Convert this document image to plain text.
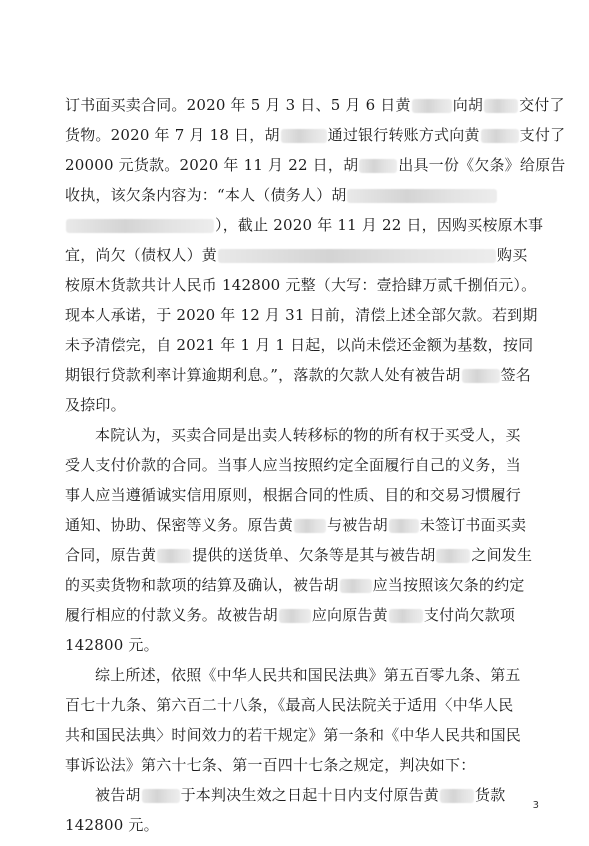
订书面买卖合同。2020 年 5 月 3 日、5 月 6 日黄	向胡 交付了
货物。2020 年 7 月 18 日，胡	通过银行转账方式向黄	支付了
20000 元货款。2020 年 11 月 22 日，胡	出具一份《欠条》给原告
收执，该欠条内容为：“本人（债务人）胡
），截止 2020 年 11 月 22 日，因购买桉原木事
宜，尚欠（债权人）黄	购买
桉原木货款共计人民币 142800 元整（大写：壹拾肆万贰千捌佰元）。
现本人承诺，于 2020 年 12 月 31 日前，清偿上述全部欠款。若到期
未予清偿完，自 2021 年 1 月 1 日起，以尚未偿还金额为基数，按同
期银行贷款利率计算逾期利息。”，落款的欠款人处有被告胡	签名
及捺印。
本院认为，买卖合同是出卖人转移标的物的所有权于买受人，买
受人支付价款的合同。当事人应当按照约定全面履行自己的义务，当
事人应当遵循诚实信用原则，根据合同的性质、目的和交易习惯履行
通知、协助、保密等义务。原告黄 与被告胡 未签订书面买卖
合同，原告黄 提供的送货单、欠条等是其与被告胡 之间发生
的买卖货物和款项的结算及确认，被告胡 应当按照该欠条的约定
履行相应的付款义务。故被告胡 应向原告黄 支付尚欠款项
142800 元。
综上所述，依照《中华人民共和国民法典》第五百零九条、第五
百七十九条、第六百二十八条，《最高人民法院关于适用〈中华人民
共和国民法典〉时间效力的若干规定》第一条和《中华人民共和国民
事诉讼法》第六十七条、第一百四十七条之规定，判决如下：
被告胡	于本判决生效之日起十日内支付原告黄 货款
142800 元。
3
